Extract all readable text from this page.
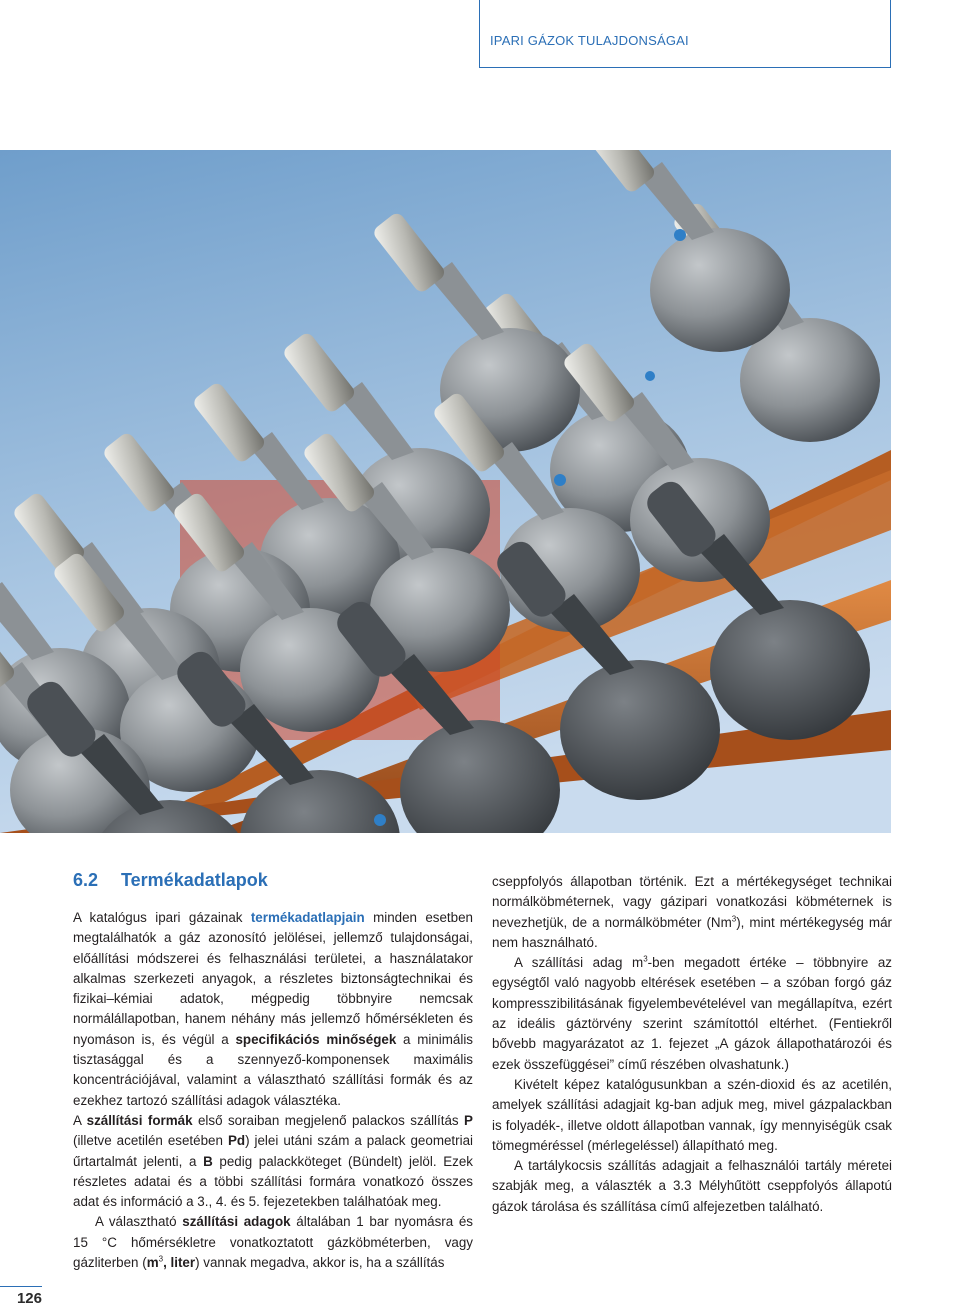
IPARI GÁZOK TULAJDONSÁGAI
6.2 Termékadatlapok

A katalógus ipari gázainak termékadatlapjain minden esetben megtalálhatók a gáz azonosító jelölései, jellemző tulajdonságai, előállítási módszerei és felhasználási területei, a használatakor alkalmas szerkezeti anyagok, a részletes biztonságtechnikai és fizikai–kémiai adatok, mégpedig többnyire nemcsak normálállapotban, hanem néhány más jellemző hőmérsékleten és nyomáson is, és végül a specifikációs minőségek a minimális tisztasággal és a szennyező-komponensek maximális koncentrációjával, valamint a választható szállítási formák és az ezekhez tartozó szállítási adagok választéka.

A szállítási formák első soraiban megjelenő palackos szállítás P (illetve acetilén esetében Pd) jelei utáni szám a palack geometriai űrtartalmát jelenti, a B pedig palackköteget (Bündelt) jelöl. Ezek részletes adatai és a többi szállítási formára vonatkozó összes adat és információ a 3., 4. és 5. fejezetekben találhatóak meg.

A választható szállítási adagok általában 1 bar nyomásra és 15 °C hőmérsékletre vonatkoztatott gázköbméterben, vagy gázliterben ($m^3$, liter) vannak megadva, akkor is, ha a szállítás

cseppfolyós állapotban történik. Ezt a mértékegységet technikai normálköbméternek, vagy gázipari vonatkozási köbméternek is nevezhetjük, de a normálköbméter (Nm$^3$), mint mértékegység már nem használható.

A szállítási adag $m^3$-ben megadott értéke – többnyire az egységtől való nagyobb eltérések esetében – a szóban forgó gáz kompresszibilitásának figyelembevételével van megállapítva, ezért az ideális gáztörvény szerint számítottól eltérhet. (Fentiekről bővebb magyarázatot az 1. fejezet „A gázok állapothatározói és ezek összefüggései” című részében olvashatunk.)

Kivételt képez katalógusunkban a szén-dioxid és az acetilén, amelyek szállítási adagjait kg-ban adjuk meg, mivel gázpalackban is folyadék-, illetve oldott állapotban vannak, így mennyiségük csak tömegméréssel (mérlegeléssel) állapítható meg.

A tartálykocsis szállítás adagjait a felhasználói tartály méretei szabják meg, a választék a 3.3 Mélyhűtött cseppfolyós állapotú gázok tárolása és szállítása című alfejezetben található.

126
